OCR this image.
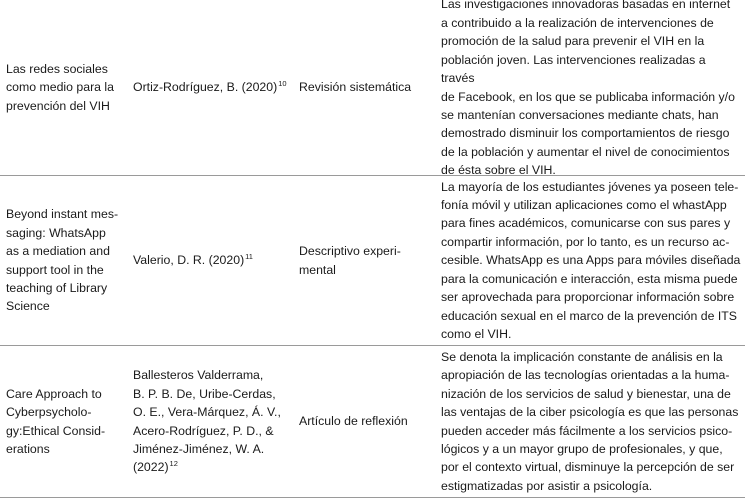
Las redes sociales
como medio para la
prevención del VIH

Ortiz-Rodríguez, B. $(2020)^{10}$ Revisión sistemática

Las investigaciones innovadoras basadas en internet
a contribuido a la realización de intervenciones de
promoción de la salud para prevenir el VIH en la
población joven. Las intervenciones realizadas a través
de Facebook, en los que se publicaba información y/o
se mantenían conversaciones mediante chats, han
demostrado disminuir los comportamientos de riesgo
de la población y aumentar el nivel de conocimientos
de ésta sobre el VIH.

Beyond instant mes-
saging: WhatsApp
as a mediation and
support tool in the
teaching of Library
Science

Valerio, D. R. $(2020)^{11}$	Descriptivo experi-
mental

La mayoría de los estudiantes jóvenes ya poseen tele-
fonía móvil y utilizan aplicaciones como el whastApp
para fines académicos, comunicarse con sus pares y
compartir información, por lo tanto, es un recurso ac-
cesible. WhatsApp es una Apps para móviles diseñada
para la comunicación e interacción, esta misma puede
ser aprovechada para proporcionar información sobre
educación sexual en el marco de la prevención de ITS
como el VIH.

Care Approach to
Cyberpsycholo-
gy:Ethical Consid-
erations

Ballesteros Valderrama,
B. P. B. De, Uribe-Cerdas,
O. E., Vera-Márquez, Á. V.,
Acero-Rodríguez, P. D., &
Jiménez-Jiménez, W. A.
$(2022)^{12}$

Artículo de reflexión

Se denota la implicación constante de análisis en la
apropiación de las tecnologías orientadas a la huma-
nización de los servicios de salud y bienestar, una de
las ventajas de la ciber psicología es que las personas
pueden acceder más fácilmente a los servicios psico-
lógicos y a un mayor grupo de profesionales, y que,
por el contexto virtual, disminuye la percepción de ser
estigmatizadas por asistir a psicología.
